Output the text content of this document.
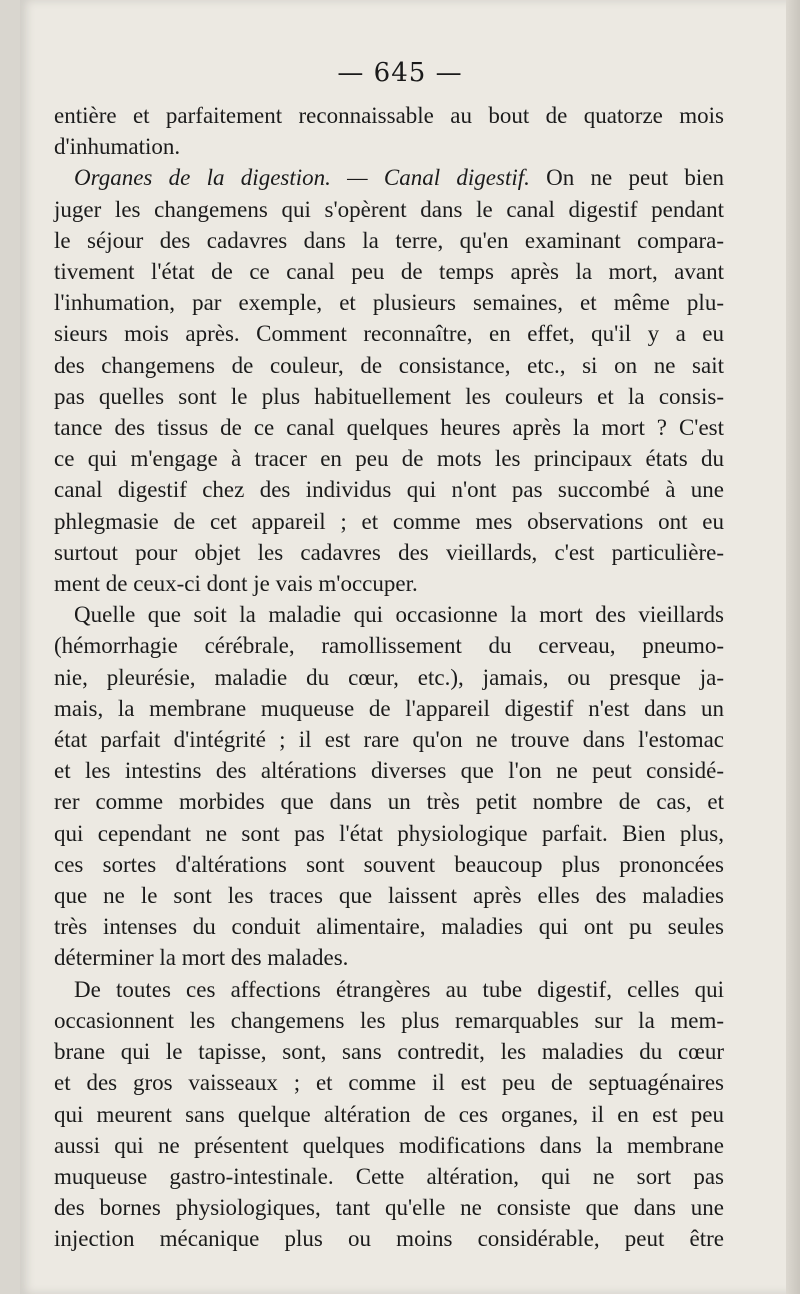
— 645 —
entière et parfaitement reconnaissable au bout de quatorze mois
d'inhumation.
Organes de la digestion. — Canal digestif. On ne peut bien
juger les changemens qui s'opèrent dans le canal digestif pendant
le séjour des cadavres dans la terre, qu'en examinant compara-
tivement l'état de ce canal peu de temps après la mort, avant
l'inhumation, par exemple, et plusieurs semaines, et même plu-
sieurs mois après. Comment reconnaître, en effet, qu'il y a eu
des changemens de couleur, de consistance, etc., si on ne sait
pas quelles sont le plus habituellement les couleurs et la consis-
tance des tissus de ce canal quelques heures après la mort ? C'est
ce qui m'engage à tracer en peu de mots les principaux états du
canal digestif chez des individus qui n'ont pas succombé à une
phlegmasie de cet appareil ; et comme mes observations ont eu
surtout pour objet les cadavres des vieillards, c'est particulière-
ment de ceux-ci dont je vais m'occuper.
Quelle que soit la maladie qui occasionne la mort des vieillards
(hémorrhagie cérébrale, ramollissement du cerveau, pneumo-
nie, pleurésie, maladie du cœur, etc.), jamais, ou presque ja-
mais, la membrane muqueuse de l'appareil digestif n'est dans un
état parfait d'intégrité ; il est rare qu'on ne trouve dans l'estomac
et les intestins des altérations diverses que l'on ne peut considé-
rer comme morbides que dans un très petit nombre de cas, et
qui cependant ne sont pas l'état physiologique parfait. Bien plus,
ces sortes d'altérations sont souvent beaucoup plus prononcées
que ne le sont les traces que laissent après elles des maladies
très intenses du conduit alimentaire, maladies qui ont pu seules
déterminer la mort des malades.
De toutes ces affections étrangères au tube digestif, celles qui
occasionnent les changemens les plus remarquables sur la mem-
brane qui le tapisse, sont, sans contredit, les maladies du cœur
et des gros vaisseaux ; et comme il est peu de septuagénaires
qui meurent sans quelque altération de ces organes, il en est peu
aussi qui ne présentent quelques modifications dans la membrane
muqueuse gastro-intestinale. Cette altération, qui ne sort pas
des bornes physiologiques, tant qu'elle ne consiste que dans une
injection mécanique plus ou moins considérable, peut être
